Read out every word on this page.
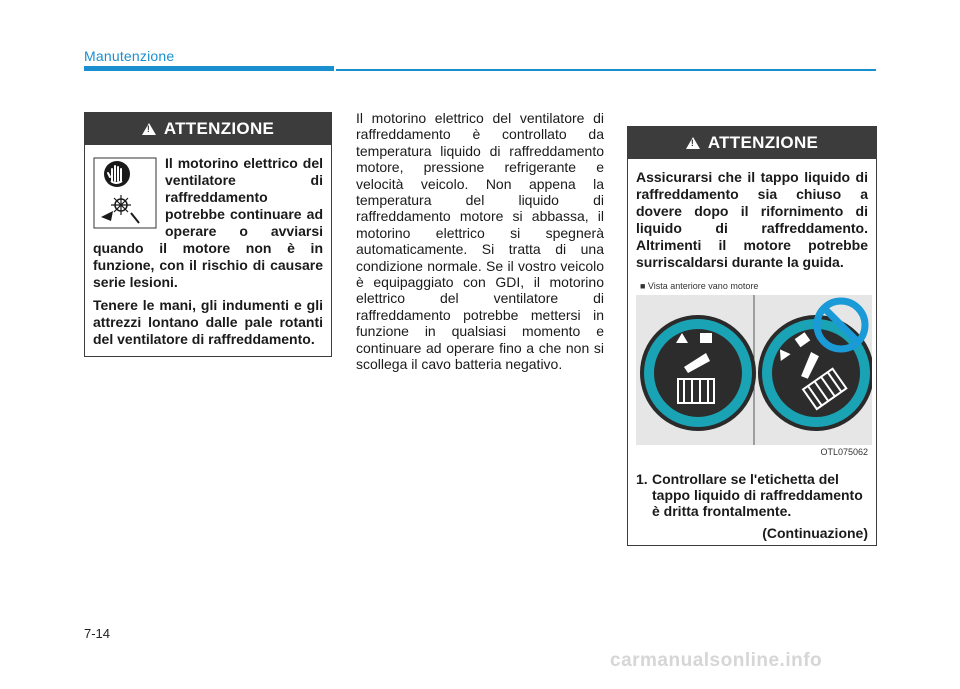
Manutenzione
!
ATTENZIONE

Il motorino elettrico del ventilatore di raffreddamento potrebbe continuare ad operare o avviarsi quando il motore non è in funzione, con il rischio di causare serie lesioni.

Tenere le mani, gli indumenti e gli attrezzi lontano dalle pale rotanti del ventilatore di raffreddamento.

Il motorino elettrico del ventilatore di raffreddamento è controllato da temperatura liquido di raffreddamento motore, pressione refrigerante e velocità veicolo. Non appena la temperatura del liquido di raffreddamento motore si abbassa, il motorino elettrico si spegnerà automaticamente. Si tratta di una condizione normale. Se il vostro veicolo è equipaggiato con GDI, il motorino elettrico del ventilatore di raffreddamento potrebbe mettersi in funzione in qualsiasi momento e continuare ad operare fino a che non si scollega il cavo batteria negativo.
!
ATTENZIONE

Assicurarsi che il tappo liquido di raffreddamento sia chiuso a dovere dopo il rifornimento di liquido di raffreddamento. Altrimenti il motore potrebbe surriscaldarsi durante la guida.

■ Vista anteriore vano motore
OTL075062
1. Controllare se l'etichetta del tappo liquido di raffreddamento è dritta frontalmente.
(Continuazione)
7-14
carmanualsonline.info
